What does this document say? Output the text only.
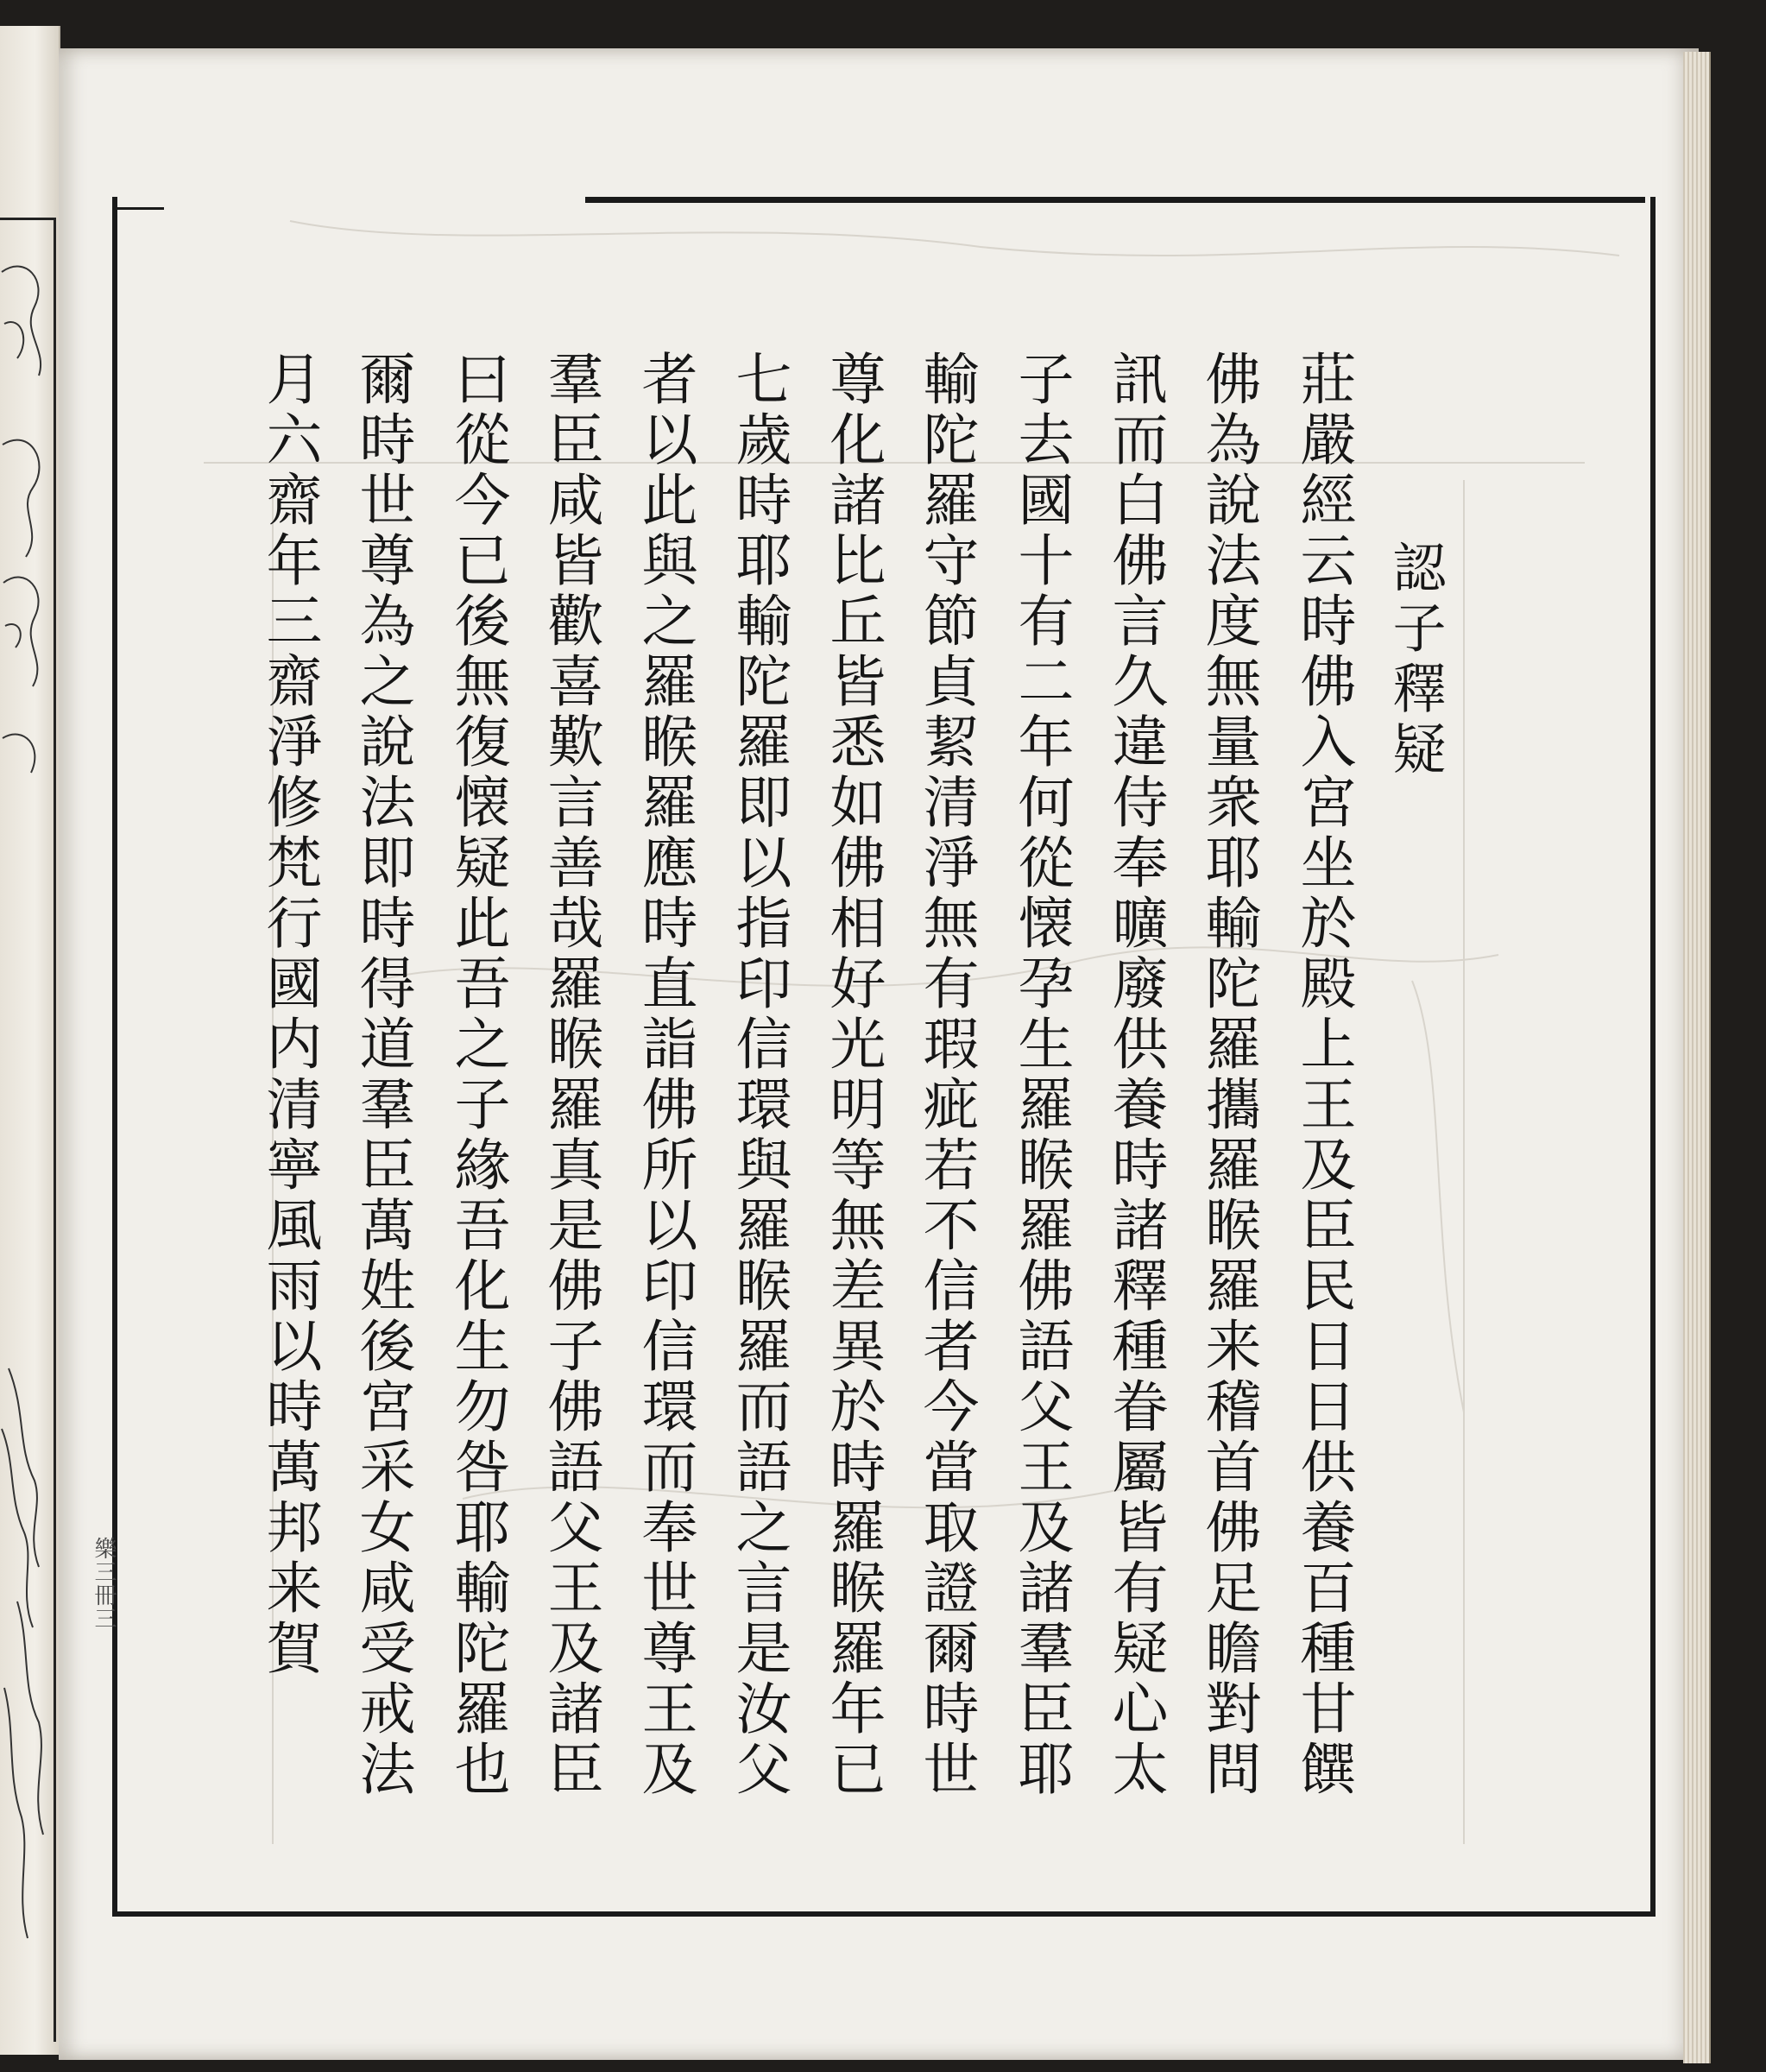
認子釋疑
莊嚴經云時佛入宮坐於殿上王及臣民日日供養百種甘饌
佛為說法度無量衆耶輸陀羅攜羅睺羅来稽首佛足瞻對問
訊而白佛言久違侍奉曠廢供養時諸釋種眷屬皆有疑心太
子去國十有二年何從懐孕生羅睺羅佛語父王及諸羣臣耶
輸陀羅守節貞絜清淨無有瑕疵若不信者今當取證爾時世
尊化諸比丘皆悉如佛相好光明等無差異於時羅睺羅年已
七歲時耶輸陀羅即以指印信環與羅睺羅而語之言是汝父
者以此與之羅睺羅應時直詣佛所以印信環而奉世尊王及
羣臣咸皆歡喜歎言善哉羅睺羅真是佛子佛語父王及諸臣
曰從今已後無復懐疑此吾之子緣吾化生勿咎耶輸陀羅也
爾時世尊為之說法即時得道羣臣萬姓後宮采女咸受戒法
月六齋年三齋淨修梵行國内清寧風雨以時萬邦来賀
樂三冊三
